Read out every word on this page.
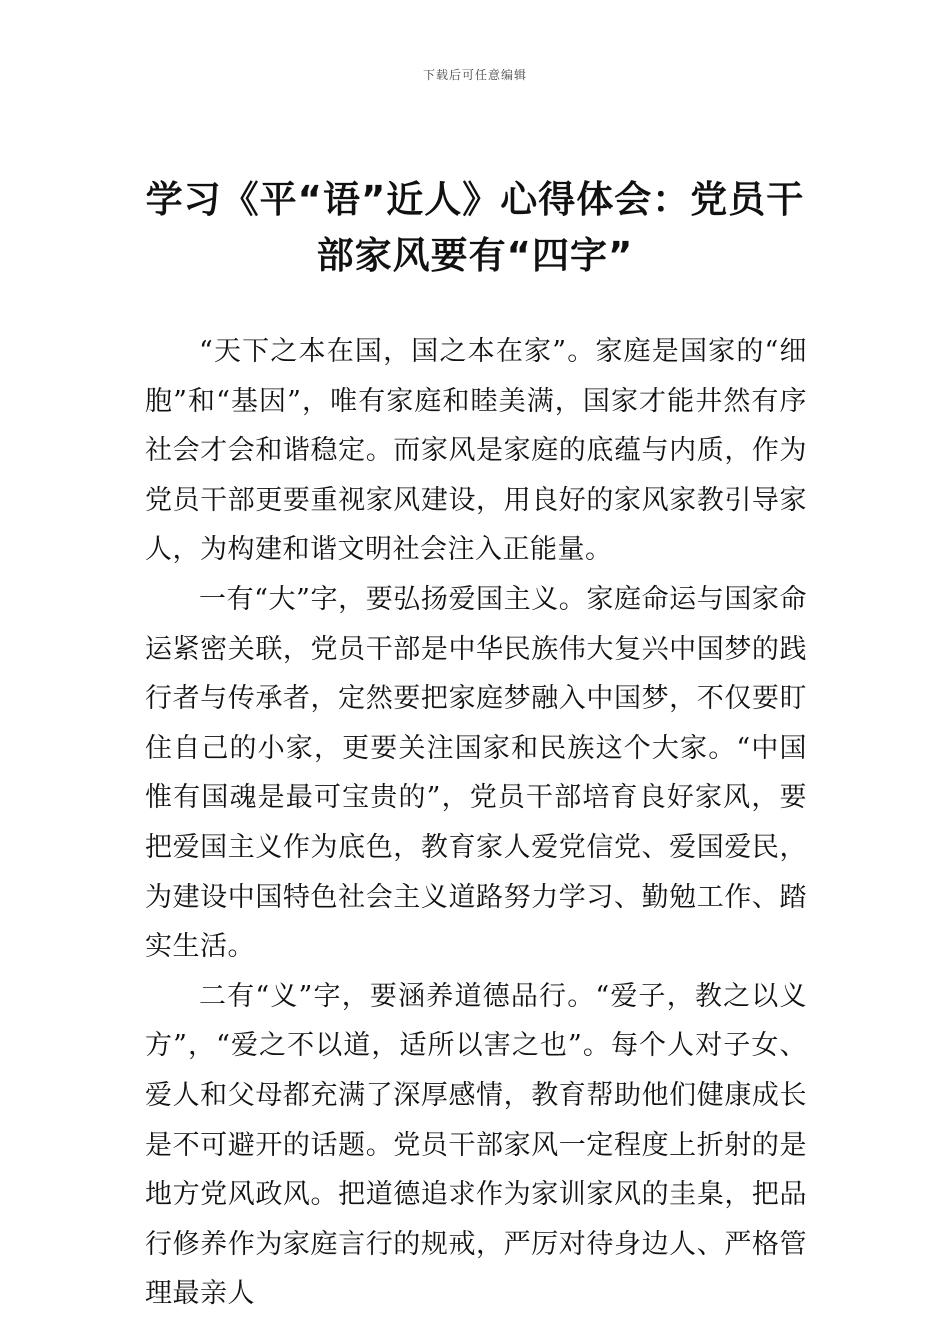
下载后可任意编辑
学习《平“语”近人》心得体会：党员干
部家风要有“四字”

“天下之本在国，国之本在家”。家庭是国家的“细胞”和“基因”，唯有家庭和睦美满，国家才能井然有序社会才会和谐稳定。而家风是家庭的底蕴与内质，作为党员干部更要重视家风建设，用良好的家风家教引导家人，为构建和谐文明社会注入正能量。

一有“大”字，要弘扬爱国主义。家庭命运与国家命运紧密关联，党员干部是中华民族伟大复兴中国梦的践行者与传承者，定然要把家庭梦融入中国梦，不仅要盯住自己的小家，更要关注国家和民族这个大家。“中国惟有国魂是最可宝贵的”，党员干部培育良好家风，要把爱国主义作为底色，教育家人爱党信党、爱国爱民，为建设中国特色社会主义道路努力学习、勤勉工作、踏实生活。

二有“义”字，要涵养道德品行。“爱子，教之以义方”，“爱之不以道，适所以害之也”。每个人对子女、爱人和父母都充满了深厚感情，教育帮助他们健康成长是不可避开的话题。党员干部家风一定程度上折射的是地方党风政风。把道德追求作为家训家风的圭臬，把品行修养作为家庭言行的规戒，严厉对待身边人、严格管理最亲人
